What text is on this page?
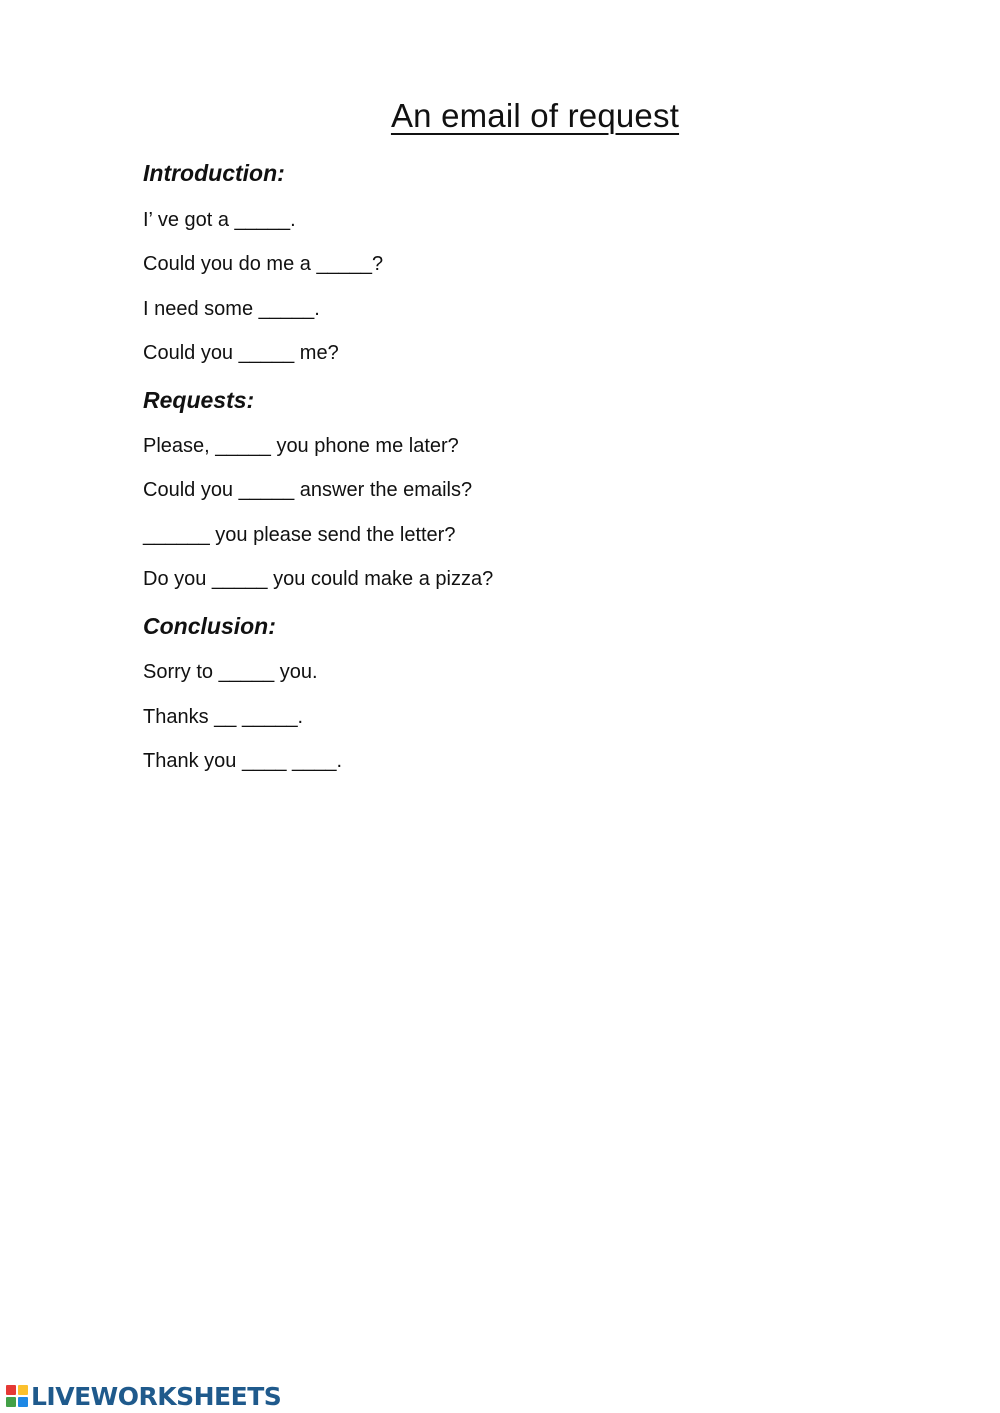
An email of request
Introduction:
I’ ve got a _____.
Could you do me a _____?
I need some _____.
Could you _____ me?
Requests:
Please, _____ you phone me later?
Could you _____ answer the emails?
______ you please send the letter?
Do you _____ you could make a pizza?
Conclusion:
Sorry to _____ you.
Thanks __ _____.
Thank you ____ ____.
LIVEWORKSHEETS
